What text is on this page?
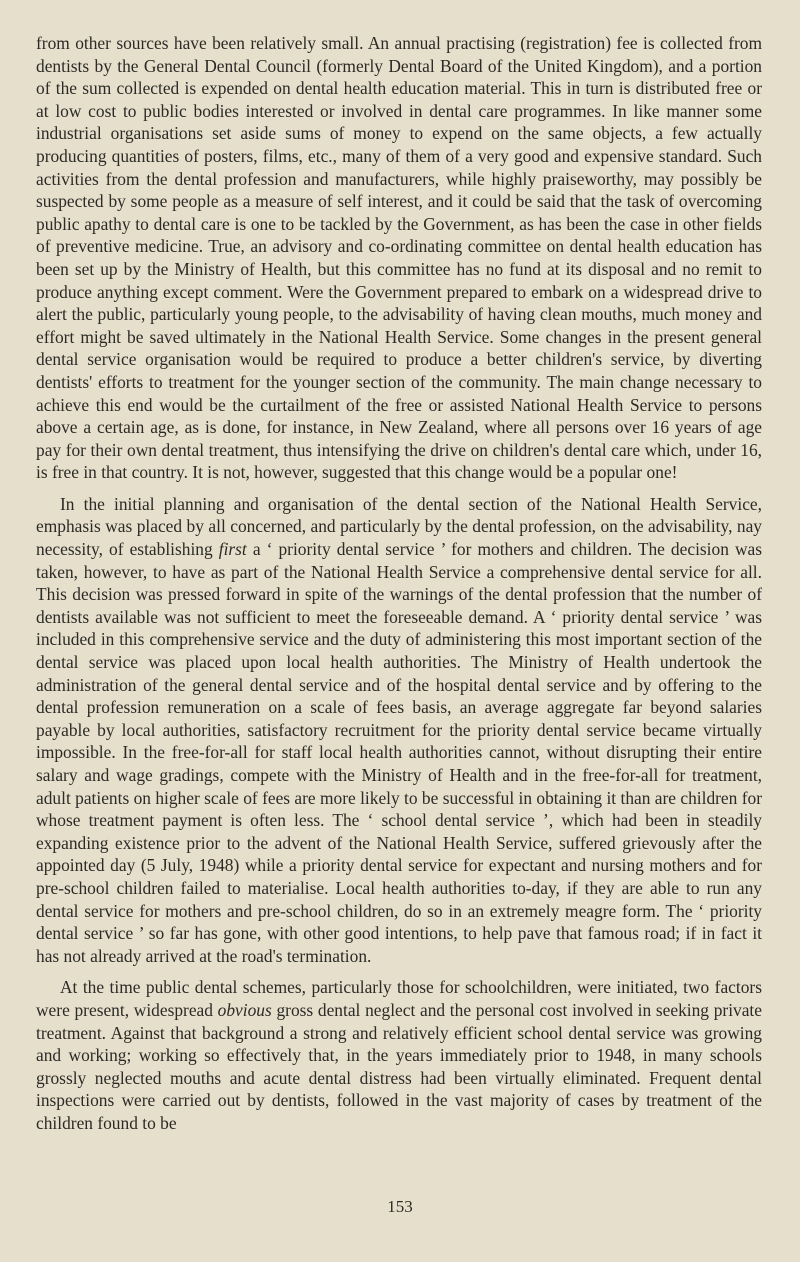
from other sources have been relatively small. An annual practising (registration) fee is collected from dentists by the General Dental Council (formerly Dental Board of the United Kingdom), and a portion of the sum collected is expended on dental health education material. This in turn is distributed free or at low cost to public bodies interested or involved in dental care programmes. In like manner some industrial organisations set aside sums of money to expend on the same objects, a few actually producing quantities of posters, films, etc., many of them of a very good and expensive standard. Such activities from the dental profession and manufacturers, while highly praiseworthy, may possibly be suspected by some people as a measure of self interest, and it could be said that the task of overcoming public apathy to dental care is one to be tackled by the Government, as has been the case in other fields of preventive medicine. True, an advisory and co-ordinating committee on dental health education has been set up by the Ministry of Health, but this committee has no fund at its disposal and no remit to produce anything except comment. Were the Government prepared to embark on a widespread drive to alert the public, particularly young people, to the advisability of having clean mouths, much money and effort might be saved ultimately in the National Health Service. Some changes in the present general dental service organisation would be required to produce a better children's service, by diverting dentists' efforts to treatment for the younger section of the community. The main change necessary to achieve this end would be the curtailment of the free or assisted National Health Service to persons above a certain age, as is done, for instance, in New Zealand, where all persons over 16 years of age pay for their own dental treatment, thus intensifying the drive on children's dental care which, under 16, is free in that country. It is not, however, suggested that this change would be a popular one!

In the initial planning and organisation of the dental section of the National Health Service, emphasis was placed by all concerned, and particularly by the dental profession, on the advisability, nay necessity, of establishing first a ‘ priority dental service ’ for mothers and children. The decision was taken, however, to have as part of the National Health Service a comprehensive dental service for all. This decision was pressed forward in spite of the warnings of the dental profession that the number of dentists available was not sufficient to meet the foreseeable demand. A ‘ priority dental service ’ was included in this comprehensive service and the duty of administering this most important section of the dental service was placed upon local health authorities. The Ministry of Health undertook the administration of the general dental service and of the hospital dental service and by offering to the dental profession remuneration on a scale of fees basis, an average aggregate far beyond salaries payable by local authorities, satisfactory recruitment for the priority dental service became virtually impossible. In the free-for-all for staff local health authorities cannot, without disrupting their entire salary and wage gradings, compete with the Ministry of Health and in the free-for-all for treatment, adult patients on higher scale of fees are more likely to be successful in obtaining it than are children for whose treatment payment is often less. The ‘ school dental service ’, which had been in steadily expanding existence prior to the advent of the National Health Service, suffered grievously after the appointed day (5 July, 1948) while a priority dental service for expectant and nursing mothers and for pre-school children failed to materialise. Local health authorities to-day, if they are able to run any dental service for mothers and pre-school children, do so in an extremely meagre form. The ‘ priority dental service ’ so far has gone, with other good intentions, to help pave that famous road; if in fact it has not already arrived at the road's termination.

At the time public dental schemes, particularly those for schoolchildren, were initiated, two factors were present, widespread obvious gross dental neglect and the personal cost involved in seeking private treatment. Against that background a strong and relatively efficient school dental service was growing and working; working so effectively that, in the years immediately prior to 1948, in many schools grossly neglected mouths and acute dental distress had been virtually eliminated. Frequent dental inspections were carried out by dentists, followed in the vast majority of cases by treatment of the children found to be

153
